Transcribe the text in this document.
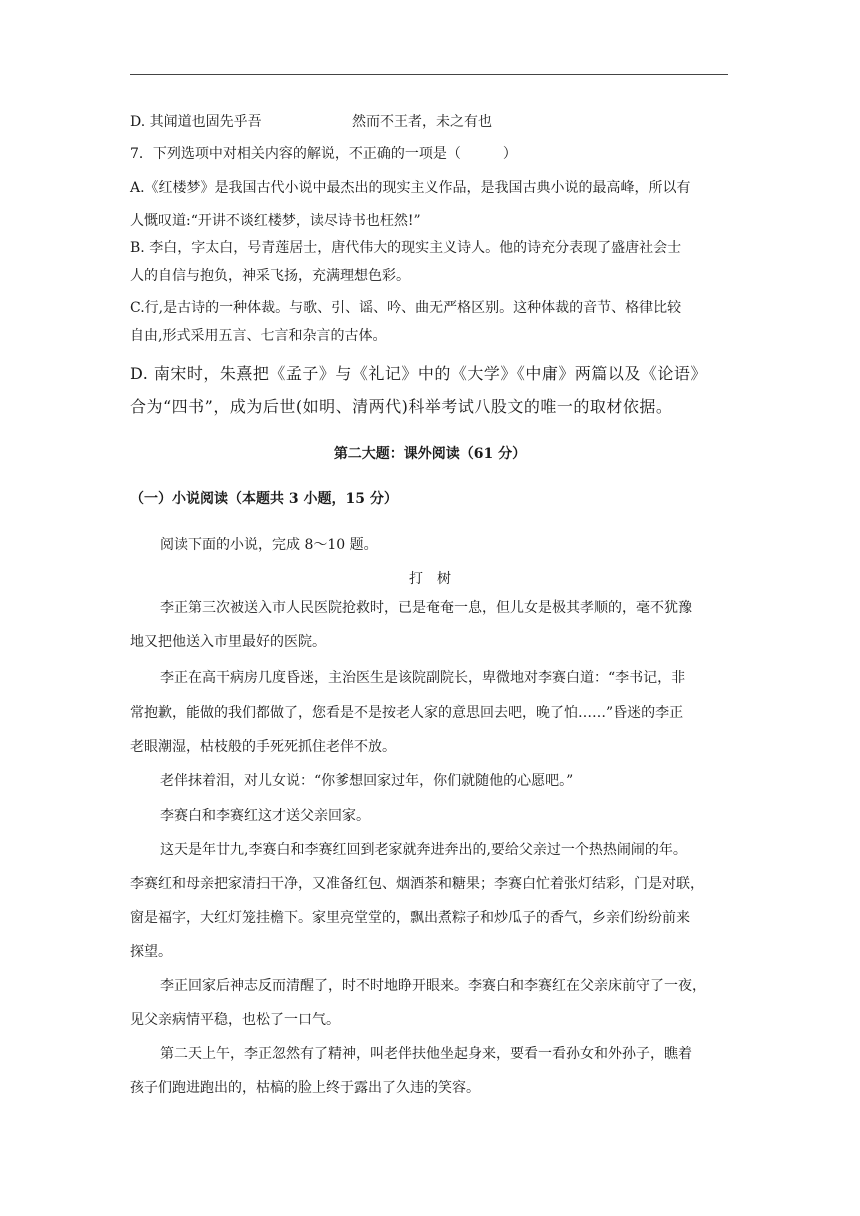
D. 其闻道也固先乎吾	然而不王者，未之有也
7．下列选项中对相关内容的解说，不正确的一项是（　　　）
A.《红楼梦》是我国古代小说中最杰出的现实主义作品，是我国古典小说的最高峰，所以有
人慨叹道:“开讲不谈红楼梦，读尽诗书也枉然!”
B. 李白，字太白，号青莲居士，唐代伟大的现实主义诗人。他的诗充分表现了盛唐社会士
人的自信与抱负，神采飞扬，充满理想色彩。
C.行,是古诗的一种体裁。与歌、引、谣、吟、曲无严格区别。这种体裁的音节、格律比较
自由,形式采用五言、七言和杂言的古体。
D. 南宋时，朱熹把《孟子》与《礼记》中的《大学》《中庸》两篇以及《论语》
合为“四书”，成为后世(如明、清两代)科举考试八股文的唯一的取材依据。
第二大题：课外阅读（61 分）
（一）小说阅读（本题共 3 小题，15 分）
阅读下面的小说，完成 8～10 题。
打　树
李正第三次被送入市人民医院抢救时，已是奄奄一息，但儿女是极其孝顺的，毫不犹豫
地又把他送入市里最好的医院。
李正在高干病房几度昏迷，主治医生是该院副院长，卑微地对李赛白道：“李书记，非
常抱歉，能做的我们都做了，您看是不是按老人家的意思回去吧，晚了怕……”昏迷的李正
老眼潮湿，枯枝般的手死死抓住老伴不放。
老伴抹着泪，对儿女说：“你爹想回家过年，你们就随他的心愿吧。”
李赛白和李赛红这才送父亲回家。
这天是年廿九,李赛白和李赛红回到老家就奔进奔出的,要给父亲过一个热热闹闹的年。
李赛红和母亲把家清扫干净，又准备红包、烟酒茶和糖果；李赛白忙着张灯结彩，门是对联，
窗是福字，大红灯笼挂檐下。家里亮堂堂的，飘出煮粽子和炒瓜子的香气，乡亲们纷纷前来
探望。
李正回家后神志反而清醒了，时不时地睁开眼来。李赛白和李赛红在父亲床前守了一夜，
见父亲病情平稳，也松了一口气。
第二天上午，李正忽然有了精神，叫老伴扶他坐起身来，要看一看孙女和外孙子，瞧着
孩子们跑进跑出的，枯槁的脸上终于露出了久违的笑容。
